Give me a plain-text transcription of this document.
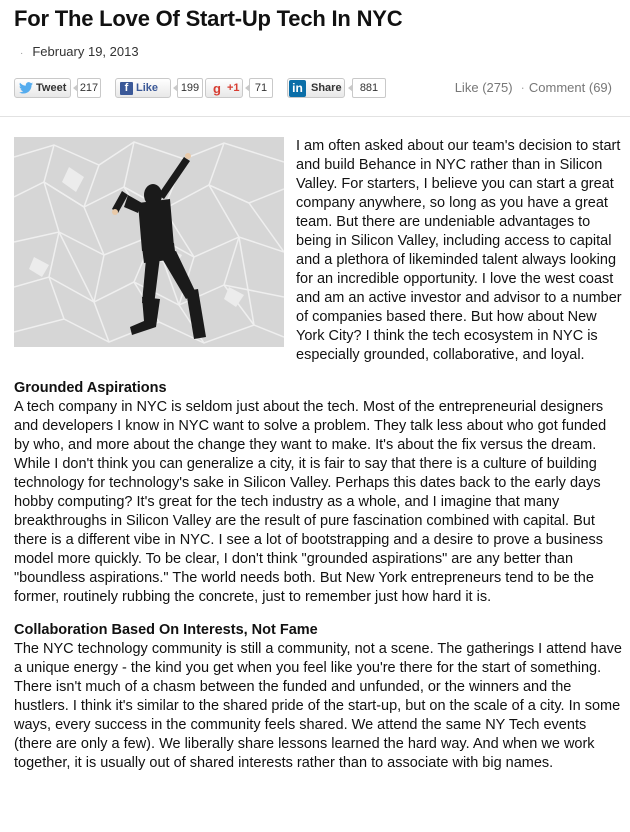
For The Love Of Start-Up Tech In NYC
· February 19, 2013
Tweet 217	f Like	199	g +1	71	in Share	881	Like (275) · Comment (69)

I am often asked about our team's decision to start and build Behance in NYC rather than in Silicon Valley. For starters, I believe you can start a great company anywhere, so long as you have a great team. But there are undeniable advantages to being in Silicon Valley, including access to capital and a plethora of likeminded talent always looking for an incredible opportunity. I love the west coast and am an active investor and advisor to a number of companies based there. But how about New York City? I think the tech ecosystem in NYC is especially grounded, collaborative, and loyal.

Grounded Aspirations

A tech company in NYC is seldom just about the tech. Most of the entrepreneurial designers and developers I know in NYC want to solve a problem. They talk less about who got funded by who, and more about the change they want to make. It's about the fix versus the dream. While I don't think you can generalize a city, it is fair to say that there is a culture of building technology for technology's sake in Silicon Valley. Perhaps this dates back to the early days hobby computing? It's great for the tech industry as a whole, and I imagine that many breakthroughs in Silicon Valley are the result of pure fascination combined with capital. But there is a different vibe in NYC. I see a lot of bootstrapping and a desire to prove a business model more quickly. To be clear, I don't think "grounded aspirations" are any better than "boundless aspirations." The world needs both. But New York entrepreneurs tend to be the former, routinely rubbing the concrete, just to remember just how hard it is.

Collaboration Based On Interests, Not Fame

The NYC technology community is still a community, not a scene. The gatherings I attend have a unique energy - the kind you get when you feel like you're there for the start of something. There isn't much of a chasm between the funded and unfunded, or the winners and the hustlers. I think it's similar to the shared pride of the start-up, but on the scale of a city. In some ways, every success in the community feels shared. We attend the same NY Tech events (there are only a few). We liberally share lessons learned the hard way. And when we work together, it is usually out of shared interests rather than to associate with big names.
